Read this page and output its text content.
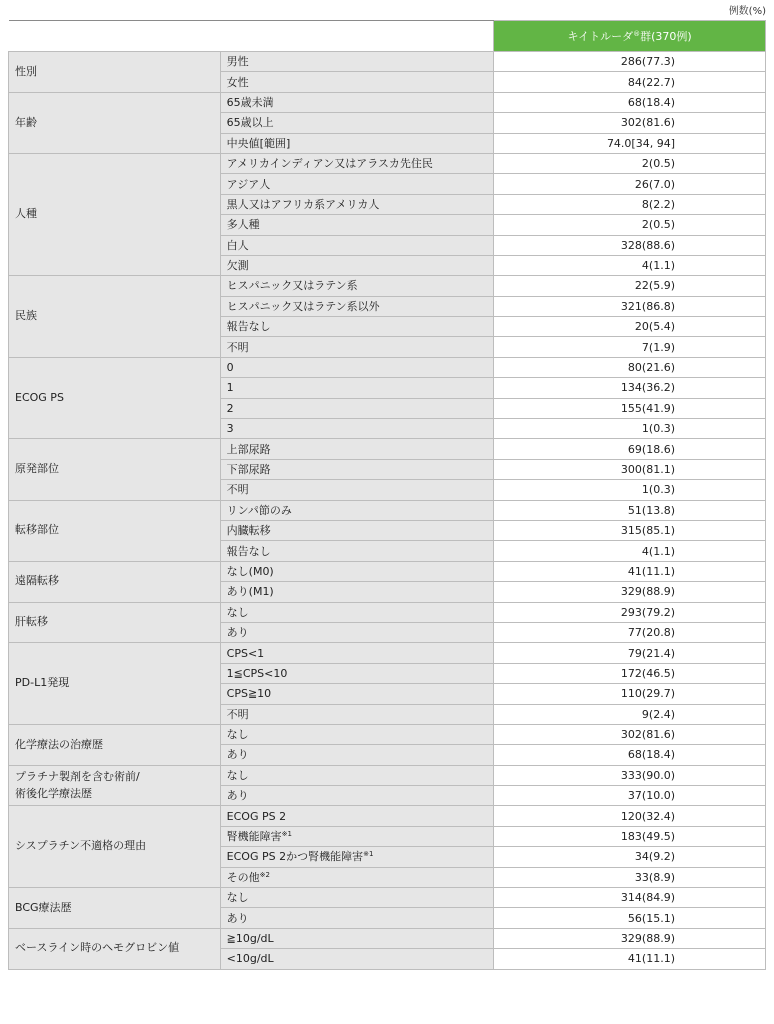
例数(%)
		キイトルーダ®群(370例)
性別	男性	286(77.3)
	女性	84(22.7)
年齢	65歳未満	68(18.4)
	65歳以上	302(81.6)
	中央値[範囲]	74.0[34, 94]
人種	アメリカインディアン又はアラスカ先住民	2(0.5)
	アジア人	26(7.0)
	黒人又はアフリカ系アメリカ人	8(2.2)
	多人種	2(0.5)
	白人	328(88.6)
	欠測	4(1.1)
民族	ヒスパニック又はラテン系	22(5.9)
	ヒスパニック又はラテン系以外	321(86.8)
	報告なし	20(5.4)
	不明	7(1.9)
ECOG PS	0	80(21.6)
	1	134(36.2)
	2	155(41.9)
	3	1(0.3)
原発部位	上部尿路	69(18.6)
	下部尿路	300(81.1)
	不明	1(0.3)
転移部位	リンパ節のみ	51(13.8)
	内臓転移	315(85.1)
	報告なし	4(1.1)
遠隔転移	なし(M0)	41(11.1)
	あり(M1)	329(88.9)
肝転移	なし	293(79.2)
	あり	77(20.8)
PD-L1発現	CPS<1	79(21.4)
	1≦CPS<10	172(46.5)
	CPS≧10	110(29.7)
	不明	9(2.4)
化学療法の治療歴	なし	302(81.6)
	あり	68(18.4)
プラチナ製剤を含む術前/
術後化学療法歴	なし	333(90.0)
	あり	37(10.0)
シスプラチン不適格の理由	ECOG PS 2	120(32.4)
	腎機能障害$^{※1}$	183(49.5)
	ECOG PS 2かつ腎機能障害$^{※1}$	34(9.2)
	その他$^{※2}$	33(8.9)
BCG療法歴	なし	314(84.9)
	あり	56(15.1)
ベースライン時のヘモグロビン値	≧10g/dL	329(88.9)
	<10g/dL	41(11.1)
